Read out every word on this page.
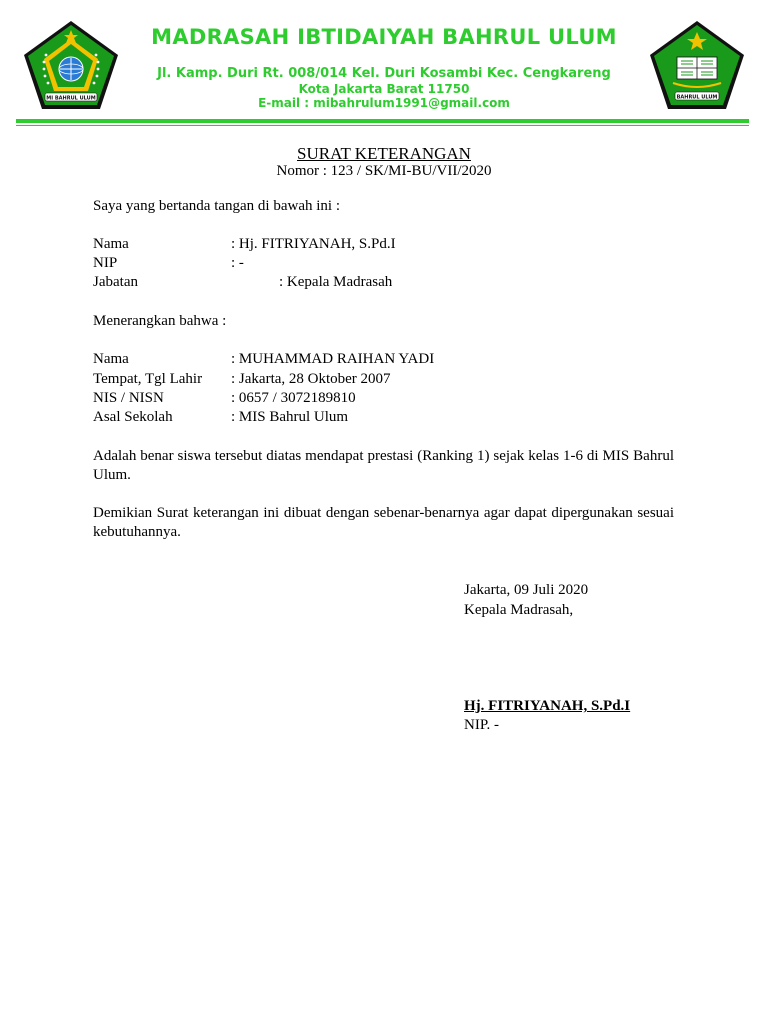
MI BAHRUL ULUM	BAHRUL ULUM
MADRASAH IBTIDAIYAH BAHRUL ULUM
Jl. Kamp. Duri Rt. 008/014 Kel. Duri Kosambi Kec. Cengkareng
Kota Jakarta Barat 11750
E-mail : mibahrulum1991@gmail.com
SURAT KETERANGAN
Nomor : 123 / SK/MI-BU/VII/2020
Saya yang bertanda tangan di bawah ini :
Nama	: Hj. FITRIYANAH, S.Pd.I
NIP	: -
Jabatan	: Kepala Madrasah
Menerangkan bahwa :
Nama	: MUHAMMAD RAIHAN YADI
Tempat, Tgl Lahir : Jakarta, 28 Oktober 2007
NIS / NISN	: 0657 / 3072189810
Asal Sekolah	: MIS Bahrul Ulum
Adalah benar siswa tersebut diatas mendapat prestasi (Ranking 1) sejak kelas 1-6 di MIS Bahrul Ulum.
Demikian Surat keterangan ini dibuat dengan sebenar-benarnya agar dapat dipergunakan sesuai kebutuhannya.
Jakarta, 09 Juli 2020
Kepala Madrasah,
Hj. FITRIYANAH, S.Pd.I
NIP. -
